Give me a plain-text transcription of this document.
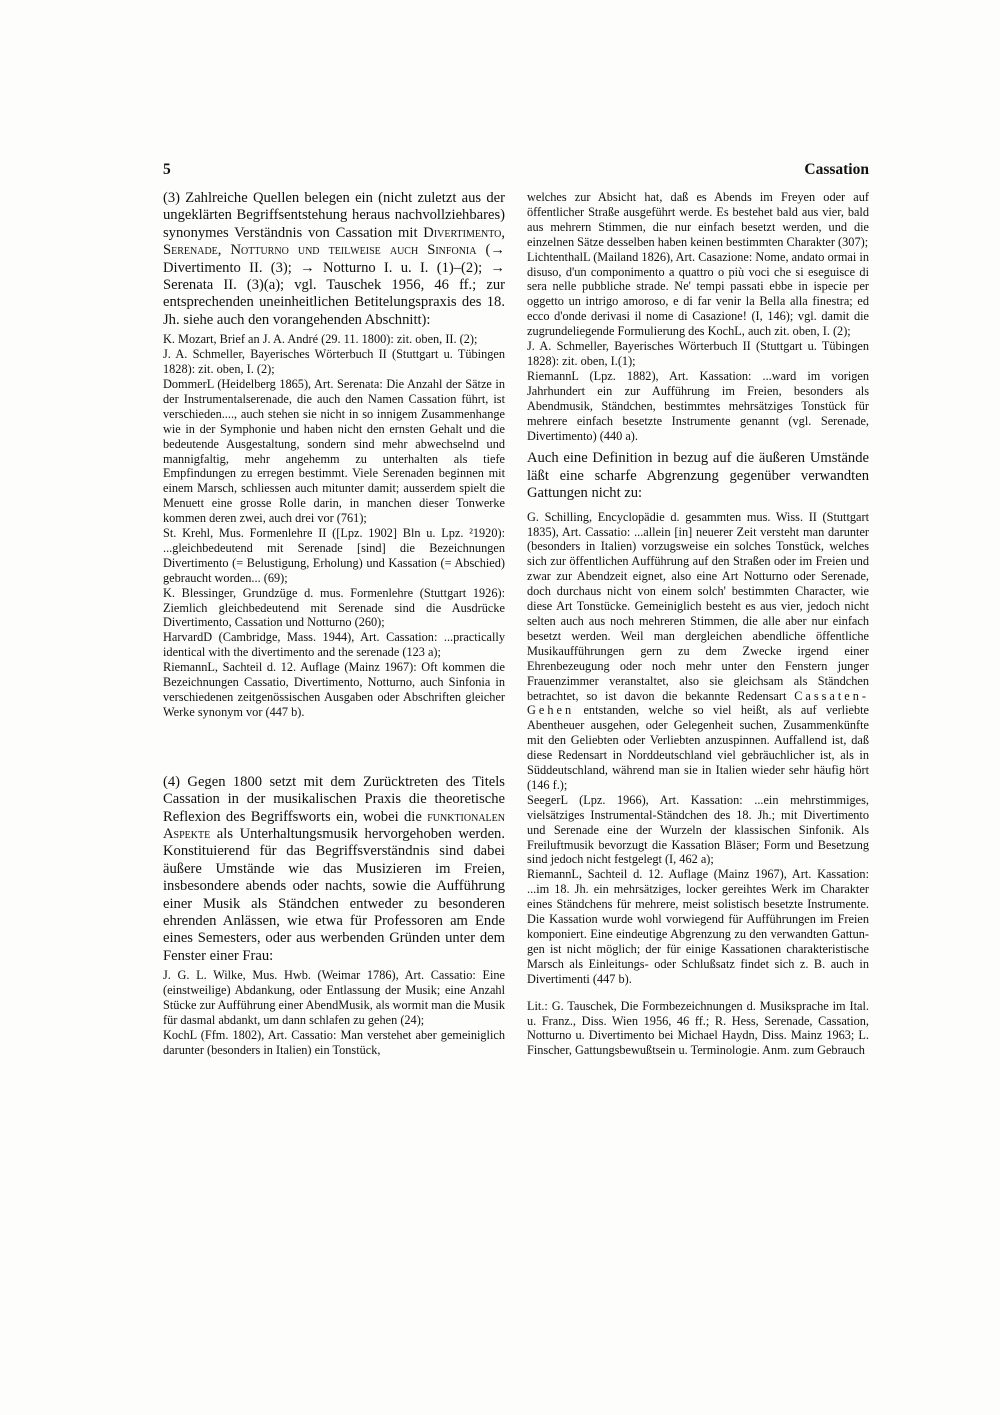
5	Cassation

(3) Zahlreiche Quellen belegen ein (nicht zuletzt aus der ungeklärten Begriffsentstehung heraus nachvollziehbares) synonymes Verständnis von Cassation mit Divertimento, Serenade, Notturno und teilweise auch Sinfonia (→ Divertimento II. (3); → Notturno I. u. I. (1)–(2); → Serenata II. (3)(a); vgl. Tauschek 1956, 46 ff.; zur entsprechenden uneinheitlichen Betitelungspraxis des 18. Jh. siehe auch den vorangehenden Abschnitt):

K. Mozart, Brief an J. A. André (29. 11. 1800): zit. oben, II. (2);

J. A. Schmeller, Bayerisches Wörterbuch II (Stuttgart u. Tübingen 1828): zit. oben, I. (2);

DommerL (Heidelberg 1865), Art. Serenata: Die Anzahl der Sätze in der Instrumentalserenade, die auch den Namen Cassation führt, ist verschieden...., auch stehen sie nicht in so innigem Zusammenhange wie in der Symphonie und haben nicht den ernsten Gehalt und die bedeutende Ausgestaltung, sondern sind mehr abwechselnd und mannigfaltig, mehr angehemm zu unterhalten als tiefe Empfindungen zu erregen bestimmt. Viele Serenaden beginnen mit einem Marsch, schliessen auch mitunter damit; ausserdem spielt die Menuett eine grosse Rolle darin, in manchen dieser Tonwerke kommen deren zwei, auch drei vor (761);

St. Krehl, Mus. Formenlehre II ([Lpz. 1902] Bln u. Lpz. ²1920): ...gleichbedeutend mit Serenade [sind] die Bezeichnungen Divertimento (= Belustigung, Erholung) und Kassation (= Abschied) gebraucht worden... (69);

K. Blessinger, Grundzüge d. mus. Formenlehre (Stuttgart 1926): Ziemlich gleichbedeutend mit Serenade sind die Ausdrücke Divertimento, Cassation und Notturno (260);

HarvardD (Cambridge, Mass. 1944), Art. Cassation: ...practically identical with the divertimento and the serenade (123 a);

RiemannL, Sachteil d. 12. Auflage (Mainz 1967): Oft kommen die Bezeichnungen Cassatio, Divertimento, Notturno, auch Sinfonia in verschiedenen zeitgenössischen Ausgaben oder Abschriften gleicher Werke synonym vor (447 b).

(4) Gegen 1800 setzt mit dem Zurücktreten des Titels Cassation in der musikalischen Praxis die theoretische Reflexion des Begriffsworts ein, wobei die funktionalen Aspekte als Unterhaltungsmusik hervorgehoben werden. Konstituierend für das Begriffsverständnis sind dabei äußere Umstände wie das Musizieren im Freien, insbesondere abends oder nachts, sowie die Aufführung einer Musik als Ständchen entweder zu besonderen ehrenden Anlässen, wie etwa für Professoren am Ende eines Semesters, oder aus werbenden Gründen unter dem Fenster einer Frau:

J. G. L. Wilke, Mus. Hwb. (Weimar 1786), Art. Cassatio: Eine (einstweilige) Abdankung, oder Entlassung der Musik; eine Anzahl Stücke zur Aufführung einer AbendMusik, als wormit man die Musik für dasmal abdankt, um dann schlafen zu gehen (24);

KochL (Ffm. 1802), Art. Cassatio: Man verstehet aber gemeiniglich darunter (besonders in Italien) ein Tonstück,

welches zur Absicht hat, daß es Abends im Freyen oder auf öffentlicher Straße ausgeführt werde. Es bestehet bald aus vier, bald aus mehrern Stimmen, die nur einfach besetzt werden, und die einzelnen Sätze desselben haben keinen bestimmten Charakter (307);

LichtenthalL (Mailand 1826), Art. Casazione: Nome, andato ormai in disuso, d'un componimento a quattro o più voci che si eseguisce di sera nelle pubbliche strade. Ne' tempi passati ebbe in ispecie per oggetto un intrigo amoroso, e di far venir la Bella alla finestra; ed ecco d'onde derivasi il nome di Casazione! (I, 146); vgl. damit die zugrundeliegende Formulierung des KochL, auch zit. oben, I. (2);

J. A. Schmeller, Bayerisches Wörterbuch II (Stuttgart u. Tübingen 1828): zit. oben, I.(1);

RiemannL (Lpz. 1882), Art. Kassation: ...ward im vorigen Jahrhundert ein zur Aufführung im Freien, besonders als Abendmusik, Ständchen, bestimmtes mehrsätziges Tonstück für mehrere einfach besetzte Instrumente genannt (vgl. Serenade, Divertimento) (440 a).

Auch eine Definition in bezug auf die äußeren Umstände läßt eine scharfe Abgrenzung gegenüber verwandten Gattungen nicht zu:

G. Schilling, Encyclopädie d. gesammten mus. Wiss. II (Stuttgart 1835), Art. Cassatio: ...allein [in] neuerer Zeit versteht man darunter (besonders in Italien) vorzugsweise ein solches Tonstück, welches sich zur öffentlichen Aufführung auf den Straßen oder im Freien und zwar zur Abendzeit eignet, also eine Art Notturno oder Serenade, doch durchaus nicht von einem solch' bestimmten Character, wie diese Art Tonstücke. Gemeiniglich besteht es aus vier, jedoch nicht selten auch aus noch mehreren Stimmen, die alle aber nur einfach besetzt werden. Weil man dergleichen abendliche öffentliche Musikaufführungen gern zu dem Zwecke irgend einer Ehrenbezeugung oder noch mehr unter den Fenstern junger Frauenzimmer veranstaltet, also sie gleichsam als Ständchen betrachtet, so ist davon die bekannte Redensart Cassaten-Gehen entstanden, welche so viel heißt, als auf verliebte Abentheuer ausgehen, oder Gelegenheit suchen, Zusammenkünfte mit den Geliebten oder Verliebten anzuspinnen. Auffallend ist, daß diese Redensart in Norddeutschland viel gebräuchlicher ist, als in Süddeutschland, während man sie in Italien wieder sehr häufig hört (146 f.);

SeegerL (Lpz. 1966), Art. Kassation: ...ein mehrstimmiges, vielsätziges Instrumental-Ständchen des 18. Jh.; mit Divertimento und Serenade eine der Wurzeln der klassischen Sinfonik. Als Freiluftmusik bevorzugt die Kassation Bläser; Form und Besetzung sind jedoch nicht festgelegt (I, 462 a);

RiemannL, Sachteil d. 12. Auflage (Mainz 1967), Art. Kassation: ...im 18. Jh. ein mehrsätziges, locker gereihtes Werk im Charakter eines Ständchens für mehrere, meist solistisch besetzte Instrumente. Die Kassation wurde wohl vorwiegend für Aufführungen im Freien komponiert. Eine eindeutige Abgrenzung zu den verwandten Gattungen ist nicht möglich; der für einige Kassationen charakteristische Marsch als Einleitungs- oder Schlußsatz findet sich z. B. auch in Divertimenti (447 b).

Lit.: G. Tauschek, Die Formbezeichnungen d. Musiksprache im Ital. u. Franz., Diss. Wien 1956, 46 ff.; R. Hess, Serenade, Cassation, Notturno u. Divertimento bei Michael Haydn, Diss. Mainz 1963; L. Finscher, Gattungsbewußtsein u. Terminologie. Anm. zum Gebrauch
